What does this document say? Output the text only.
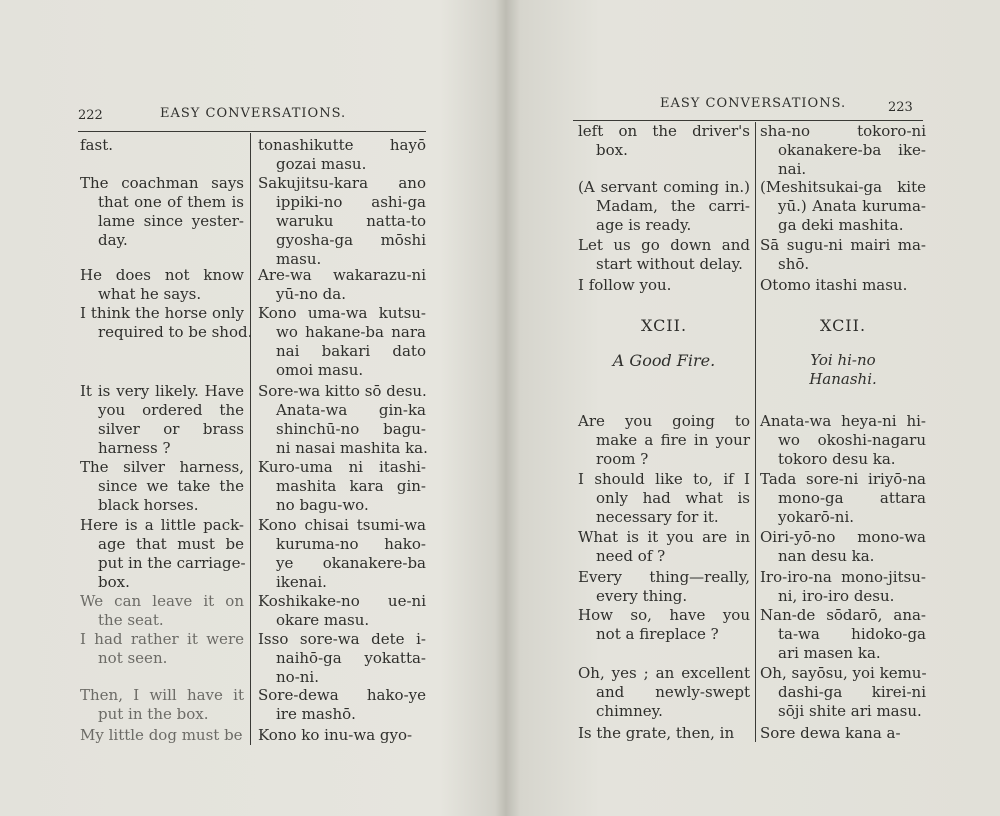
222	EASY CONVERSATIONS.
fast.
The coachman says
that one of them is
lame since yester-
day.
He does not know
what he says.
I think the horse only
required to be shod.
It is very likely. Have
you ordered the
silver or brass
harness ?
The silver harness,
since we take the
black horses.
Here is a little pack-
age that must be
put in the carriage-
box.
We can leave it on
the seat.
I had rather it were
not seen.
Then, I will have it
put in the box.
My little dog must be
tonashikutte hayō
gozai masu.
Sakujitsu-kara ano
ippiki-no ashi-ga
waruku natta-to
gyosha-ga mōshi
masu.
Are-wa wakarazu-ni
yū-no da.
Kono uma-wa kutsu-
wo hakane-ba nara
nai bakari dato
omoi masu.
Sore-wa kitto sō desu.
Anata-wa gin-ka
shinchū-no bagu-
ni nasai mashita ka.
Kuro-uma ni itashi-
mashita kara gin-
no bagu-wo.
Kono chisai tsumi-wa
kuruma-no hako-
ye okanakere-ba
ikenai.
Koshikake-no ue-ni
okare masu.
Isso sore-wa dete i-
naihō-ga yokatta-
no-ni.
Sore-dewa hako-ye
ire mashō.
Kono ko inu-wa gyo-
EASY CONVERSATIONS.	223
left on the driver's
box.
(A servant coming in.)
Madam, the carri-
age is ready.
Let us go down and
start without delay.
I follow you.
Are you going to
make a fire in your
room ?
I should like to, if I
only had what is
necessary for it.
What is it you are in
need of ?
Every thing—really,
every thing.
How so, have you
not a fireplace ?
Oh, yes ; an excellent
and newly-swept
chimney.
Is the grate, then, in
sha-no tokoro-ni
okanakere-ba ike-
nai.
(Meshitsukai-ga kite
yū.) Anata kuruma-
ga deki mashita.
Sā sugu-ni mairi ma-
shō.
Otomo itashi masu.
Anata-wa heya-ni hi-
wo okoshi-nagaru
tokoro desu ka.
Tada sore-ni iriyō-na
mono-ga attara
yokarō-ni.
Oiri-yō-no mono-wa
nan desu ka.
Iro-iro-na mono-jitsu-
ni, iro-iro desu.
Nan-de sōdarō, ana-
ta-wa hidoko-ga
ari masen ka.
Oh, sayōsu, yoi kemu-
dashi-ga kirei-ni
sōji shite ari masu.
Sore dewa kana a-
XCII.
A Good Fire.
XCII.
Yoi hi-no
Hanashi.
